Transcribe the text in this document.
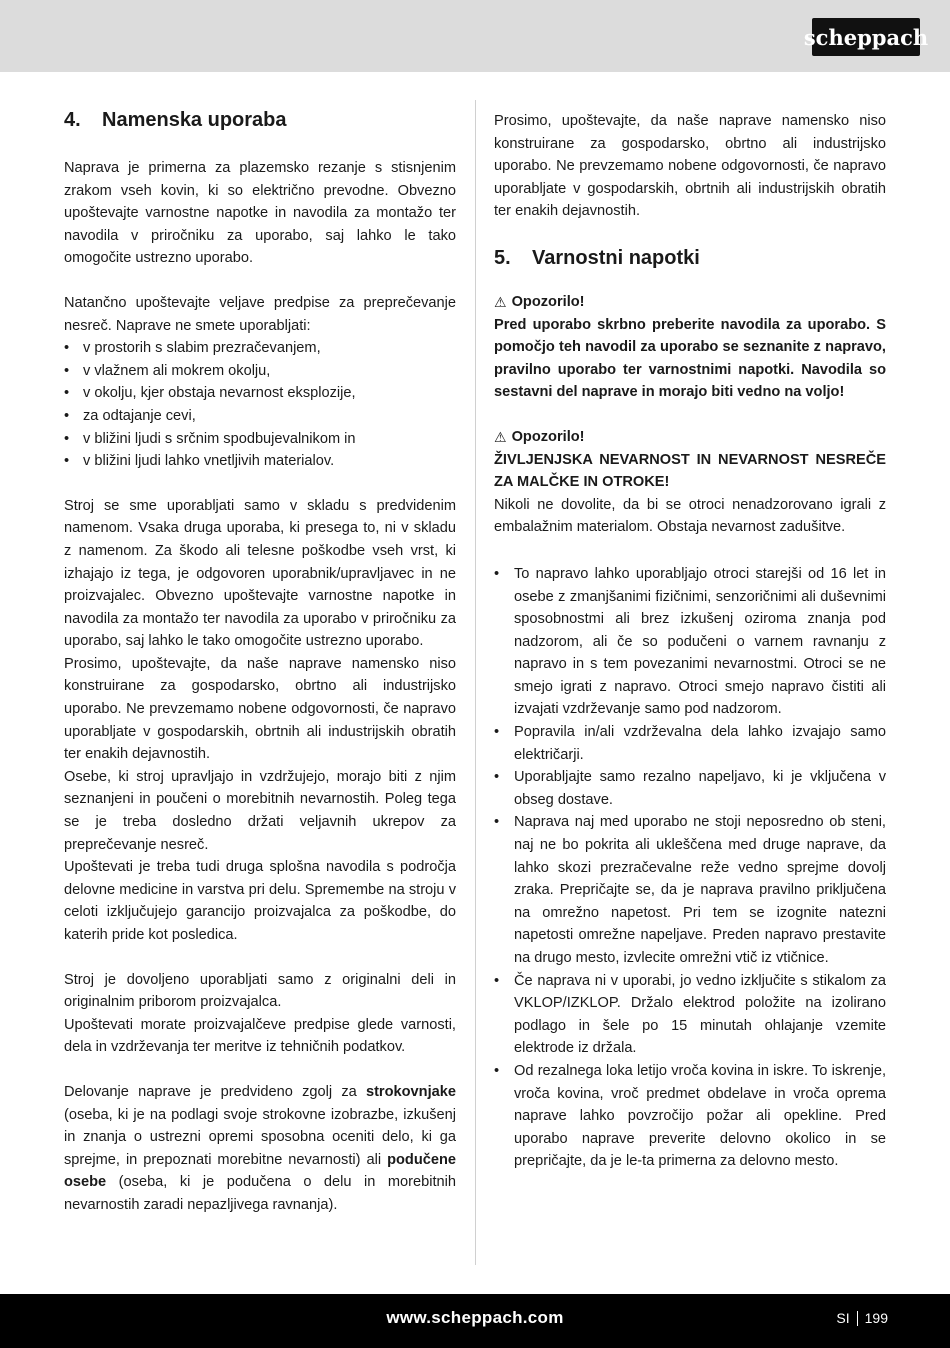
scheppach
4.	Namenska uporaba

Naprava je primerna za plazemsko rezanje s stisnjenim zrakom vseh kovin, ki so električno prevodne. Obvezno upoštevajte varnostne napotke in navodila za montažo ter navodila v priročniku za uporabo, saj lahko le tako omogočite ustrezno uporabo.

Natančno upoštevajte veljave predpise za preprečevanje nesreč. Naprave ne smete uporabljati:

• v prostorih s slabim prezračevanjem,
• v vlažnem ali mokrem okolju,
• v okolju, kjer obstaja nevarnost eksplozije,
• za odtajanje cevi,
• v bližini ljudi s srčnim spodbujevalnikom in
• v bližini ljudi lahko vnetljivih materialov.

Stroj se sme uporabljati samo v skladu s predvidenim namenom. Vsaka druga uporaba, ki presega to, ni v skladu z namenom. Za škodo ali telesne poškodbe vseh vrst, ki izhajajo iz tega, je odgovoren uporabnik/upravljavec in ne proizvajalec. Obvezno upoštevajte varnostne napotke in navodila za montažo ter navodila za uporabo v priročniku za uporabo, saj lahko le tako omogočite ustrezno uporabo.

Prosimo, upoštevajte, da naše naprave namensko niso konstruirane za gospodarsko, obrtno ali industrijsko uporabo. Ne prevzemamo nobene odgovornosti, če napravo uporabljate v gospodarskih, obrtnih ali industrijskih obratih ter enakih dejavnostih.

Osebe, ki stroj upravljajo in vzdržujejo, morajo biti z njim seznanjeni in poučeni o morebitnih nevarnostih. Poleg tega se je treba dosledno držati veljavnih ukrepov za preprečevanje nesreč.

Upoštevati je treba tudi druga splošna navodila s področja delovne medicine in varstva pri delu. Spremembe na stroju v celoti izključujejo garancijo proizvajalca za poškodbe, do katerih pride kot posledica.

Stroj je dovoljeno uporabljati samo z originalni deli in originalnim priborom proizvajalca.

Upoštevati morate proizvajalčeve predpise glede varnosti, dela in vzdrževanja ter meritve iz tehničnih podatkov.

Delovanje naprave je predvideno zgolj za strokovnjake (oseba, ki je na podlagi svoje strokovne izobrazbe, izkušenj in znanja o ustrezni opremi sposobna oceniti delo, ki ga sprejme, in prepoznati morebitne nevarnosti) ali podučene osebe (oseba, ki je podučena o delu in morebitnih nevarnostih zaradi nepazljivega ravnanja).

Prosimo, upoštevajte, da naše naprave namensko niso konstruirane za gospodarsko, obrtno ali industrijsko uporabo. Ne prevzemamo nobene odgovornosti, če napravo uporabljate v gospodarskih, obrtnih ali industrijskih obratih ter enakih dejavnostih.

5.	Varnostni napotki
⚠ Opozorilo!

Pred uporabo skrbno preberite navodila za uporabo. S pomočjo teh navodil za uporabo se seznanite z napravo, pravilno uporabo ter varnostnimi napotki. Navodila so sestavni del naprave in morajo biti vedno na voljo!

⚠ Opozorilo!

ŽIVLJENJSKA NEVARNOST IN NEVARNOST NESREČE ZA MALČKE IN OTROKE!

Nikoli ne dovolite, da bi se otroci nenadzorovano igrali z embalažnim materialom. Obstaja nevarnost zadušitve.

• To napravo lahko uporabljajo otroci starejši od 16 let in osebe z zmanjšanimi fizičnimi, senzoričnimi ali duševnimi sposobnostmi ali brez izkušenj oziroma znanja pod nadzorom, ali če so podučeni o varnem ravnanju z napravo in s tem povezanimi nevarnostmi. Otroci se ne smejo igrati z napravo. Otroci smejo napravo čistiti ali izvajati vzdrževanje samo pod nadzorom.
• Popravila in/ali vzdrževalna dela lahko izvajajo samo električarji.
• Uporabljajte samo rezalno napeljavo, ki je vključena v obseg dostave.
• Naprava naj med uporabo ne stoji neposredno ob steni, naj ne bo pokrita ali ukleščena med druge naprave, da lahko skozi prezračevalne reže vedno sprejme dovolj zraka. Prepričajte se, da je naprava pravilno priključena na omrežno napetost. Pri tem se izognite natezni napetosti omrežne napeljave. Preden napravo prestavite na drugo mesto, izvlecite omrežni vtič iz vtičnice.
• Če naprava ni v uporabi, jo vedno izključite s stikalom za VKLOP/IZKLOP. Držalo elektrod položite na izolirano podlago in šele po 15 minutah ohlajanje vzemite elektrode iz držala.
• Od rezalnega loka letijo vroča kovina in iskre. To iskrenje, vroča kovina, vroč predmet obdelave in vroča oprema naprave lahko povzročijo požar ali opekline. Pred uporabo naprave preverite delovno okolico in se prepričajte, da je le-ta primerna za delovno mesto.
www.scheppach.com	SI 199
